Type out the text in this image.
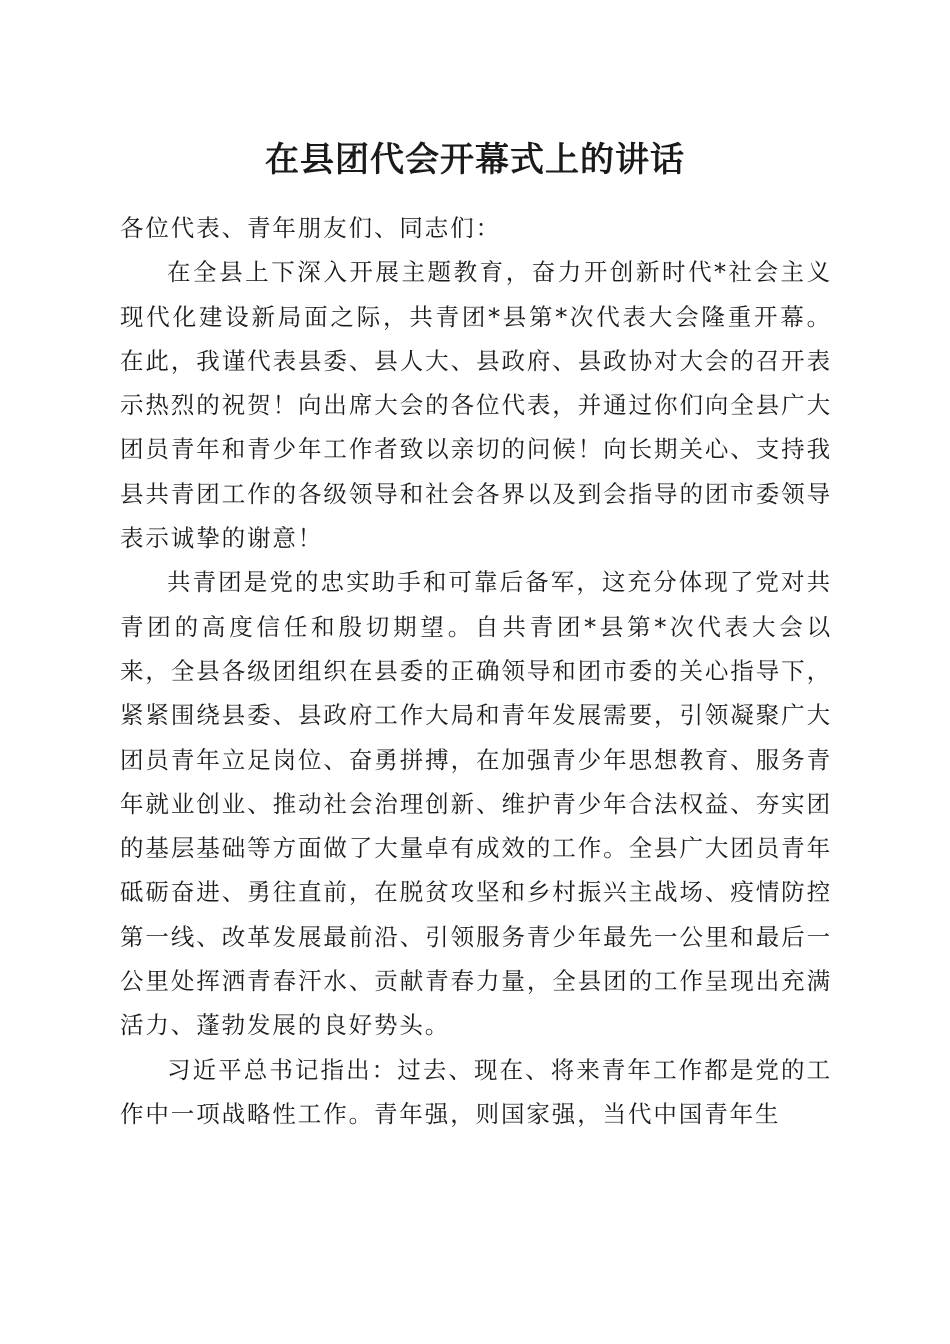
在县团代会开幕式上的讲话

各位代表、青年朋友们、同志们：

在全县上下深入开展主题教育，奋力开创新时代*社会主义现代化建设新局面之际，共青团*县第*次代表大会隆重开幕。在此，我谨代表县委、县人大、县政府、县政协对大会的召开表示热烈的祝贺！向出席大会的各位代表，并通过你们向全县广大团员青年和青少年工作者致以亲切的问候！向长期关心、支持我县共青团工作的各级领导和社会各界以及到会指导的团市委领导表示诚挚的谢意！

共青团是党的忠实助手和可靠后备军，这充分体现了党对共青团的高度信任和殷切期望。自共青团*县第*次代表大会以来，全县各级团组织在县委的正确领导和团市委的关心指导下，紧紧围绕县委、县政府工作大局和青年发展需要，引领凝聚广大团员青年立足岗位、奋勇拼搏，在加强青少年思想教育、服务青年就业创业、推动社会治理创新、维护青少年合法权益、夯实团的基层基础等方面做了大量卓有成效的工作。全县广大团员青年砥砺奋进、勇往直前，在脱贫攻坚和乡村振兴主战场、疫情防控第一线、改革发展最前沿、引领服务青少年最先一公里和最后一公里处挥洒青春汗水、贡献青春力量，全县团的工作呈现出充满活力、蓬勃发展的良好势头。

习近平总书记指出：过去、现在、将来青年工作都是党的工作中一项战略性工作。青年强，则国家强，当代中国青年生
